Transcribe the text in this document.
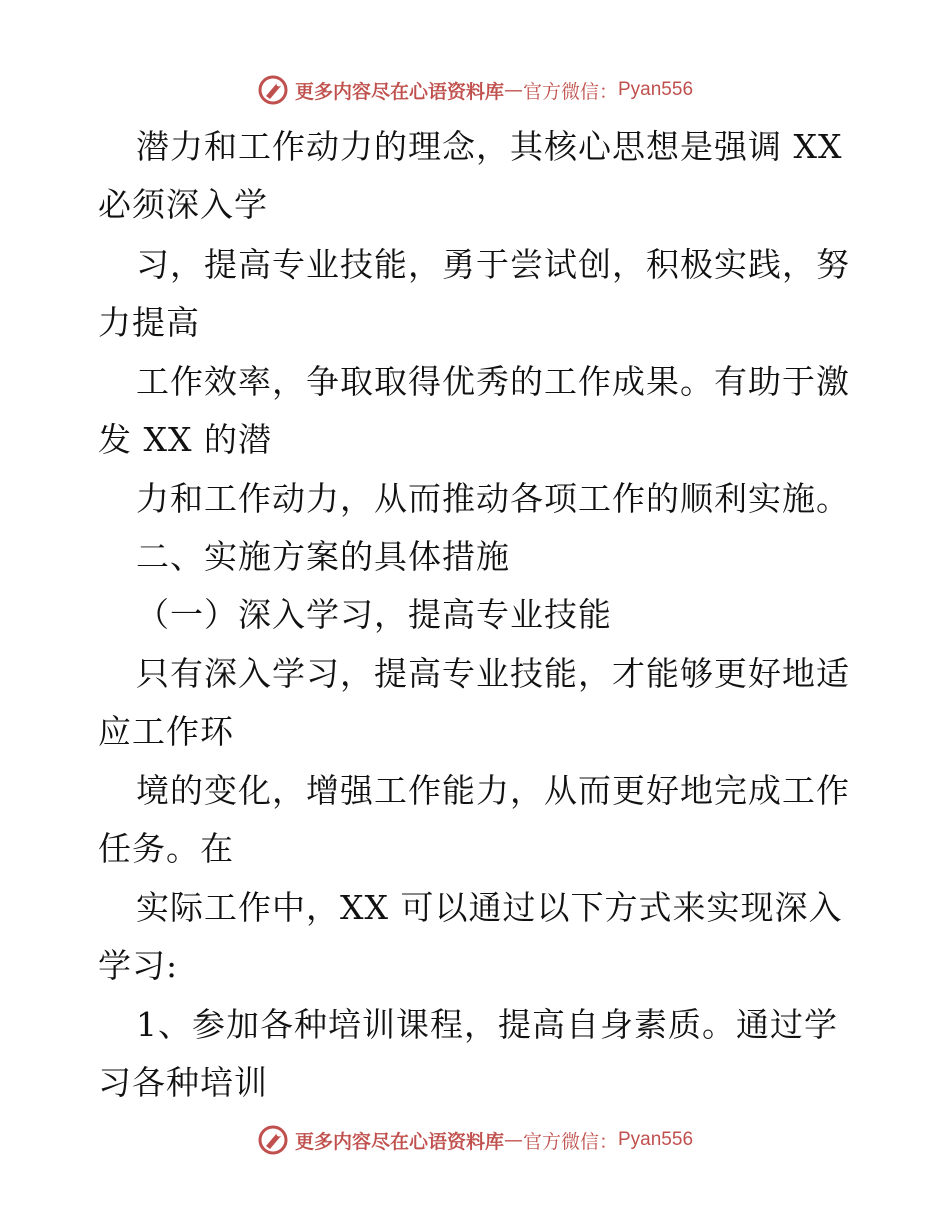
更多内容尽在心语资料库 — 官方微信： Pyan556
潜力和工作动力的理念，其核心思想是强调 XX
必须深入学
习，提高专业技能，勇于尝试创，积极实践，努
力提高
工作效率，争取取得优秀的工作成果。有助于激
发 XX 的潜
力和工作动力，从而推动各项工作的顺利实施。
二、实施方案的具体措施
（一）深入学习，提高专业技能
只有深入学习，提高专业技能，才能够更好地适
应工作环
境的变化，增强工作能力，从而更好地完成工作
任务。在
实际工作中，XX 可以通过以下方式来实现深入
学习:
1、参加各种培训课程，提高自身素质。通过学
习各种培训
更多内容尽在心语资料库 — 官方微信： Pyan556
